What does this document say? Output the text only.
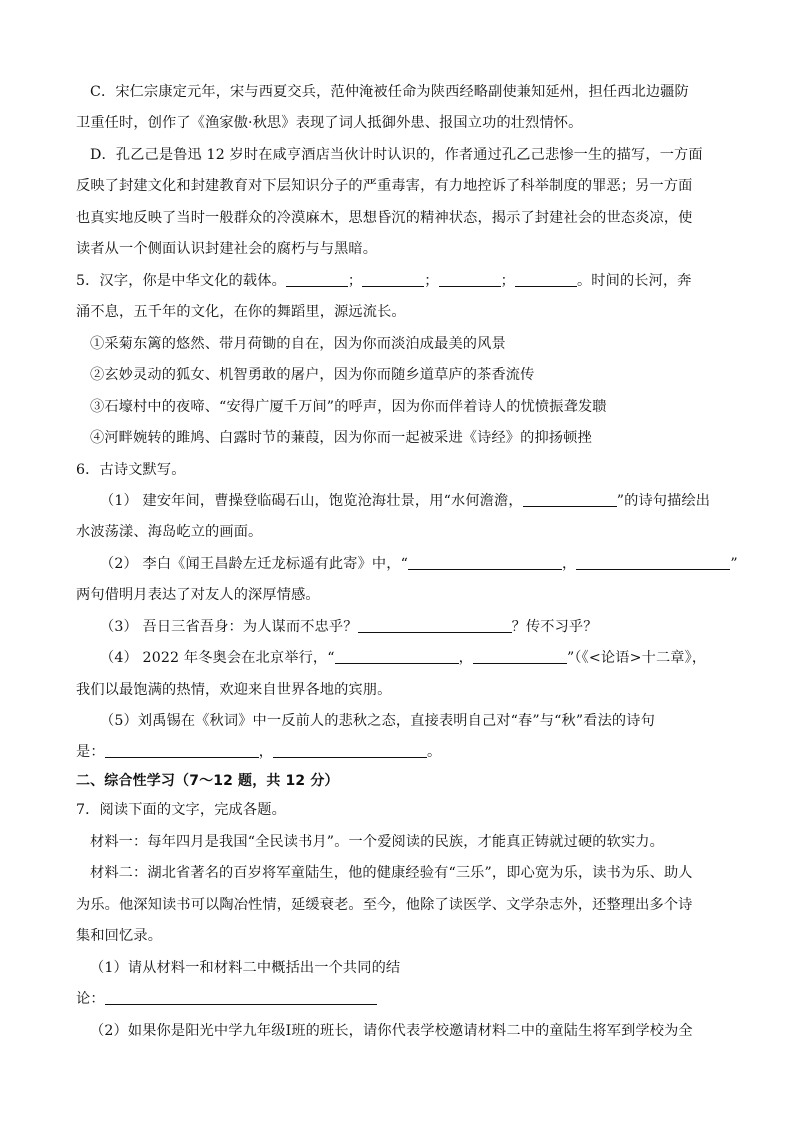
C．宋仁宗康定元年，宋与西夏交兵，范仲淹被任命为陕西经略副使兼知延州，担任西北边疆防
卫重任时，创作了《渔家傲·秋思》表现了词人抵御外患、报国立功的壮烈情怀。
D．孔乙己是鲁迅 12 岁时在咸亨酒店当伙计时认识的，作者通过孔乙己悲惨一生的描写，一方面
反映了封建文化和封建教育对下层知识分子的严重毒害，有力地控诉了科举制度的罪恶；另一方面
也真实地反映了当时一般群众的冷漠麻木，思想昏沉的精神状态，揭示了封建社会的世态炎凉，使
读者从一个侧面认识封建社会的腐朽与与黑暗。
5．汉字，你是中华文化的载体。	；	；	；	。时间的长河，奔
涌不息，五千年的文化，在你的舞蹈里，源远流长。
①采菊东篱的悠然、带月荷锄的自在，因为你而淡泊成最美的风景
②玄妙灵动的狐女、机智勇敢的屠户，因为你而随乡道草庐的茶香流传
③石壕村中的夜啼、“安得广厦千万间”的呼声，因为你而伴着诗人的忧愤振聋发聩
④河畔婉转的雎鸠、白露时节的蒹葭，因为你而一起被采进《诗经》的抑扬顿挫
6．古诗文默写。
（1） 建安年间，曹操登临碣石山，饱览沧海壮景，用“水何澹澹，	”的诗句描绘出
水波荡漾、海岛屹立的画面。
（2） 李白《闻王昌龄左迁龙标遥有此寄》中，“	，	”
两句借明月表达了对友人的深厚情感。
（3） 吾日三省吾身：为人谋而不忠乎？	？传不习乎？
（4） 2022 年冬奥会在北京举行，“	，	”（《<论语>十二章》，
我们以最饱满的热情，欢迎来自世界各地的宾朋。
（5）刘禹锡在《秋词》中一反前人的悲秋之态，直接表明自己对“春”与“秋”看法的诗句
是：	，	。
二、综合性学习（7～12 题，共 12 分）
7．阅读下面的文字，完成各题。
材料一：每年四月是我国“全民读书月”。一个爱阅读的民族，才能真正铸就过硬的软实力。
材料二：湖北省著名的百岁将军童陆生，他的健康经验有“三乐”，即心宽为乐，读书为乐、助人
为乐。他深知读书可以陶冶性情，延缓衰老。至今，他除了读医学、文学杂志外，还整理出多个诗
集和回忆录。
（1）请从材料一和材料二中概括出一个共同的结
论：
（2）如果你是阳光中学九年级Ⅰ班的班长，请你代表学校邀请材料二中的童陆生将军到学校为全
